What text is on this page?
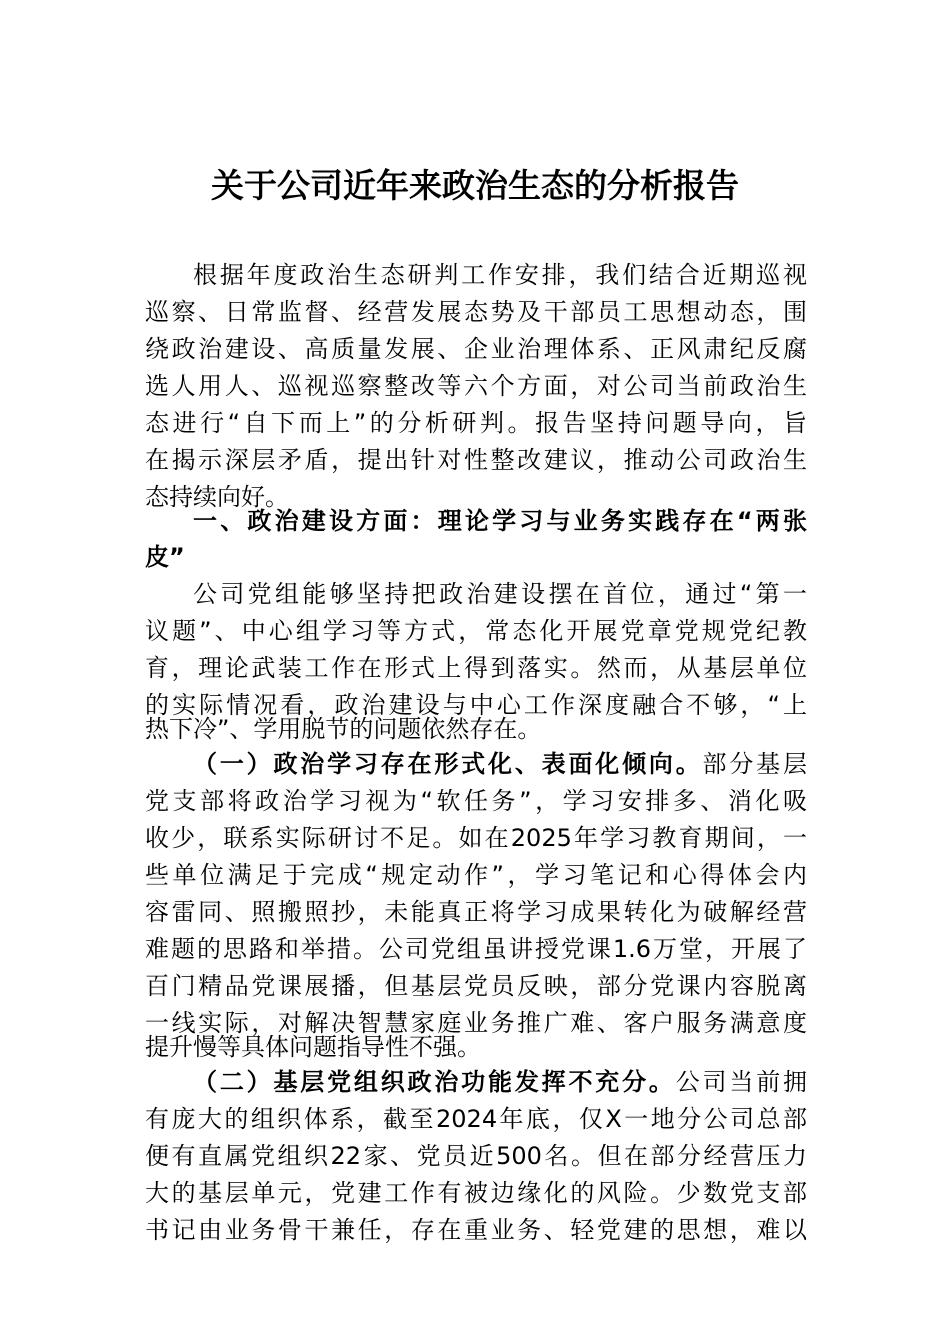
关于公司近年来政治生态的分析报告
根据年度政治生态研判工作安排，我们结合近期巡视
巡察、日常监督、经营发展态势及干部员工思想动态，围
绕政治建设、高质量发展、企业治理体系、正风肃纪反腐
选人用人、巡视巡察整改等六个方面，对公司当前政治生
态进行“自下而上”的分析研判。报告坚持问题导向，旨
在揭示深层矛盾，提出针对性整改建议，推动公司政治生
态持续向好。
一、政治建设方面：理论学习与业务实践存在“两张
皮”
公司党组能够坚持把政治建设摆在首位，通过“第一
议题”、中心组学习等方式，常态化开展党章党规党纪教
育，理论武装工作在形式上得到落实。然而，从基层单位
的实际情况看，政治建设与中心工作深度融合不够，“上
热下冷”、学用脱节的问题依然存在。
（一）政治学习存在形式化、表面化倾向。部分基层
党支部将政治学习视为“软任务”，学习安排多、消化吸
收少，联系实际研讨不足。如在2025年学习教育期间，一
些单位满足于完成“规定动作”，学习笔记和心得体会内
容雷同、照搬照抄，未能真正将学习成果转化为破解经营
难题的思路和举措。公司党组虽讲授党课1.6万堂，开展了
百门精品党课展播，但基层党员反映，部分党课内容脱离
一线实际，对解决智慧家庭业务推广难、客户服务满意度
提升慢等具体问题指导性不强。
（二）基层党组织政治功能发挥不充分。公司当前拥
有庞大的组织体系，截至2024年底，仅X一地分公司总部
便有直属党组织22家、党员近500名。但在部分经营压力
大的基层单元，党建工作有被边缘化的风险。少数党支部
书记由业务骨干兼任，存在重业务、轻党建的思想，难以
